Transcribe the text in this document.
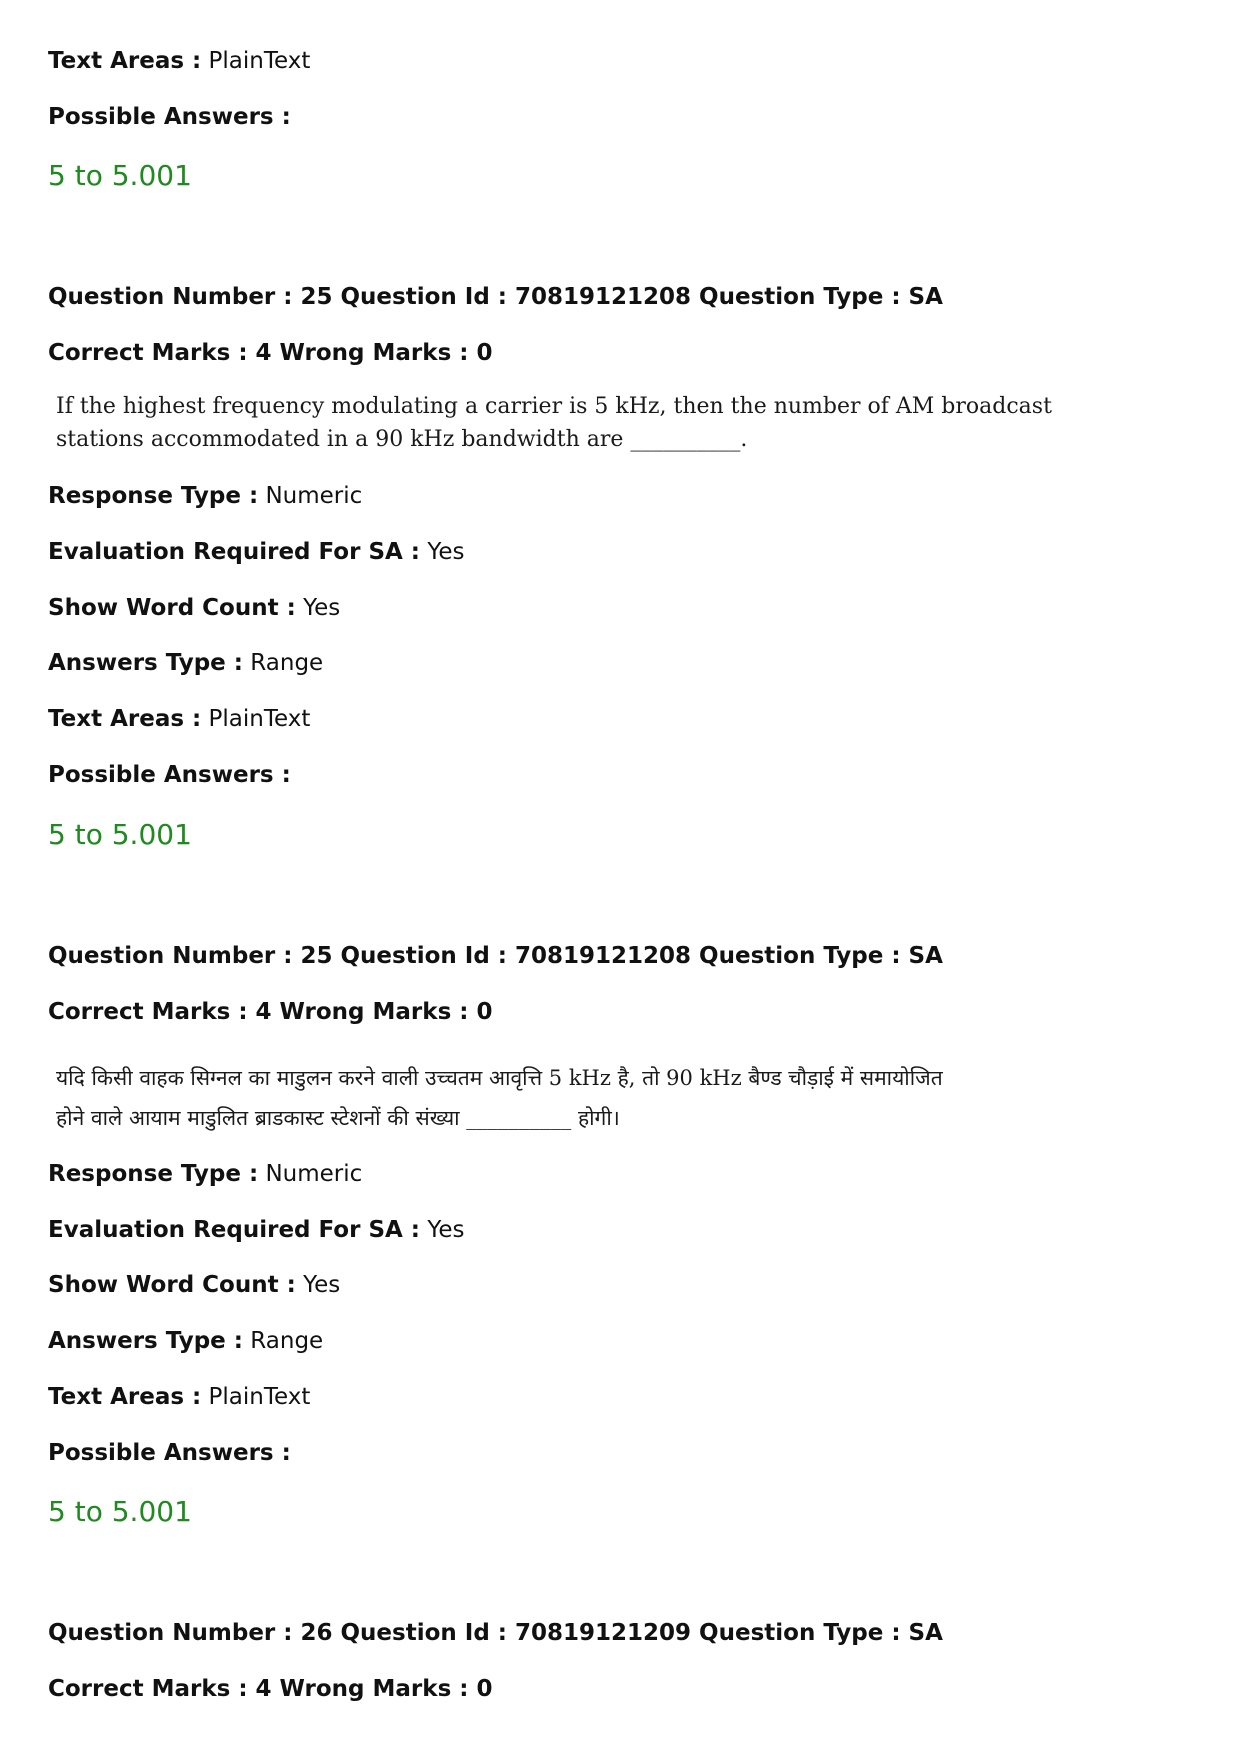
Text Areas : PlainText
Possible Answers :
5 to 5.001
Question Number : 25 Question Id : 70819121208 Question Type : SA
Correct Marks : 4 Wrong Marks : 0
If the highest frequency modulating a carrier is 5 kHz, then the number of AM broadcast
stations accommodated in a 90 kHz bandwidth are __________.
Response Type : Numeric
Evaluation Required For SA : Yes
Show Word Count : Yes
Answers Type : Range
Text Areas : PlainText
Possible Answers :
5 to 5.001
Question Number : 25 Question Id : 70819121208 Question Type : SA
Correct Marks : 4 Wrong Marks : 0
यदि किसी वाहक सिग्नल का माडुलन करने वाली उच्चतम आवृत्ति 5 kHz है, तो 90 kHz बैण्ड चौड़ाई में समायोजित
होने वाले आयाम माडुलित ब्राडकास्ट स्टेशनों की संख्या __________ होगी।
Response Type : Numeric
Evaluation Required For SA : Yes
Show Word Count : Yes
Answers Type : Range
Text Areas : PlainText
Possible Answers :
5 to 5.001
Question Number : 26 Question Id : 70819121209 Question Type : SA
Correct Marks : 4 Wrong Marks : 0
